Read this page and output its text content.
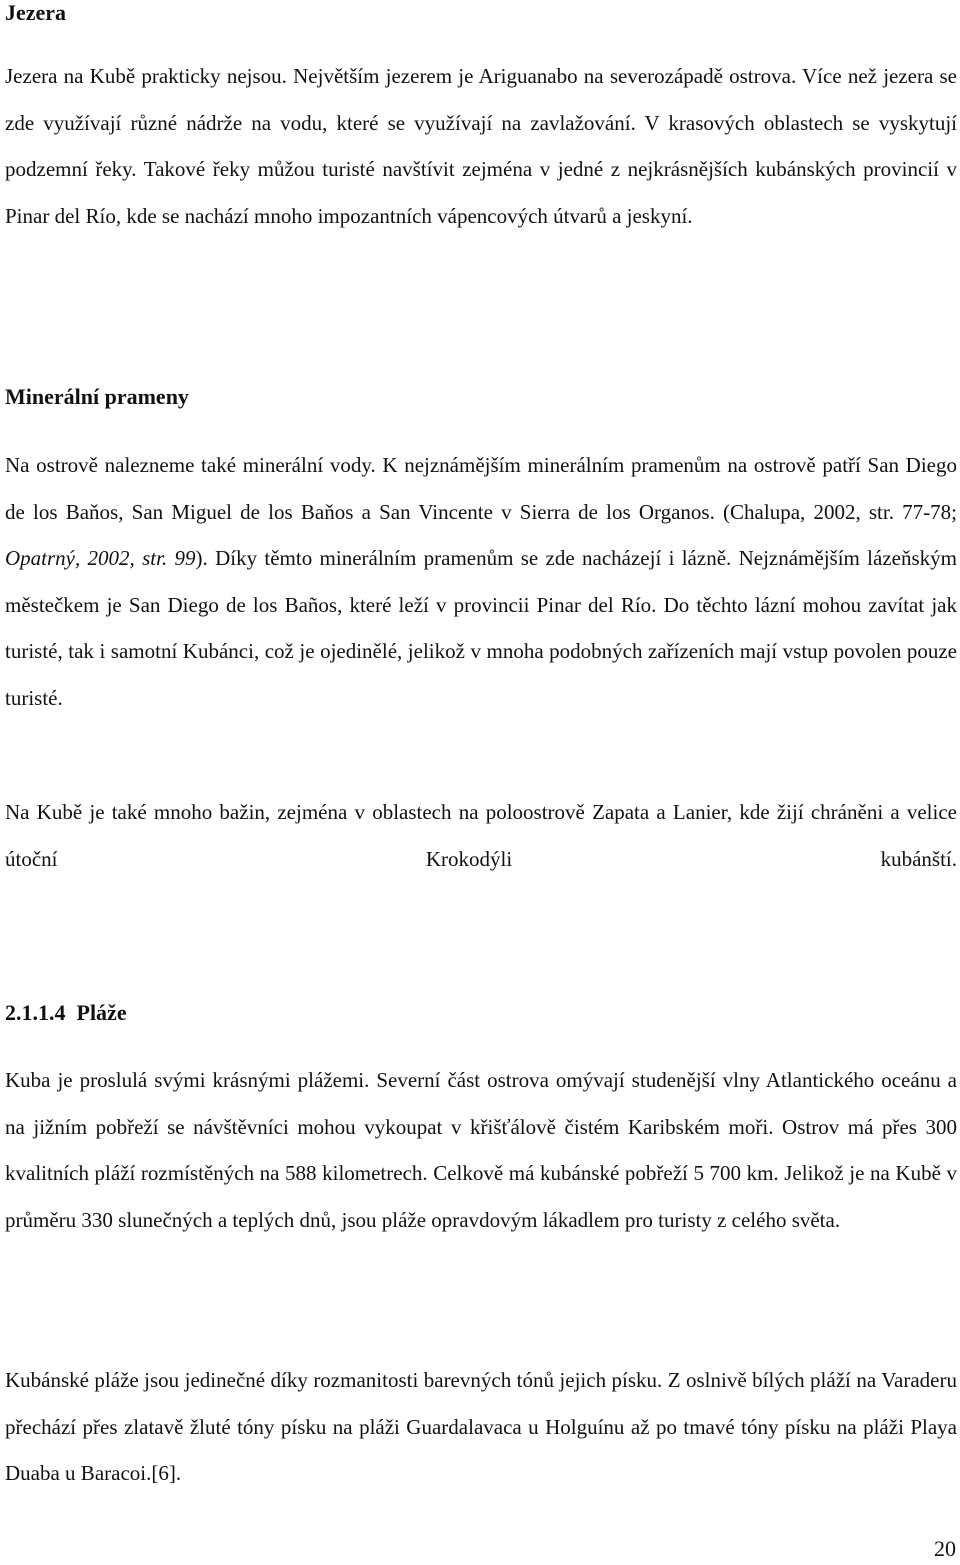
Jezera

Jezera na Kubě prakticky nejsou. Největším jezerem je Ariguanabo na severozápadě ostrova. Více než jezera se zde využívají různé nádrže na vodu, které se využívají na zavlažování. V krasových oblastech se vyskytují podzemní řeky. Takové řeky můžou turisté navštívit zejména v jedné z nejkrásnějších kubánských provincií v Pinar del Río, kde se nachází mnoho impozantních vápencových útvarů a jeskyní.

Minerální prameny

Na ostrově nalezneme také minerální vody. K nejznámějším minerálním pramenům na ostrově patří San Diego de los Baňos, San Miguel de los Baňos a San Vincente v Sierra de los Organos. (Chalupa, 2002, str. 77-78; Opatrný, 2002, str. 99). Díky těmto minerálním pramenům se zde nacházejí i lázně. Nejznámějším lázeňským městečkem je San Diego de los Baños, které leží v provincii Pinar del Río. Do těchto lázní mohou zavítat jak turisté, tak i samotní Kubánci, což je ojedinělé, jelikož v mnoha podobných zařízeních mají vstup povolen pouze turisté.

Na Kubě je také mnoho bažin, zejména v oblastech na poloostrově Zapata a Lanier, kde žijí chráněni a velice útoční Krokodýli kubánští.

2.1.1.4 Pláže

Kuba je proslulá svými krásnými plážemi. Severní část ostrova omývají studenější vlny Atlantického oceánu a na jižním pobřeží se návštěvníci mohou vykoupat v křišťálově čistém Karibském moři. Ostrov má přes 300 kvalitních pláží rozmístěných na 588 kilometrech. Celkově má kubánské pobřeží 5 700 km. Jelikož je na Kubě v průměru 330 slunečných a teplých dnů, jsou pláže opravdovým lákadlem pro turisty z celého světa.

Kubánské pláže jsou jedinečné díky rozmanitosti barevných tónů jejich písku. Z oslnivě bílých pláží na Varaderu přechází přes zlatavě žluté tóny písku na pláži Guardalavaca u Holguínu až po tmavé tóny písku na pláži Playa Duaba u Baracoi.[6].

20
